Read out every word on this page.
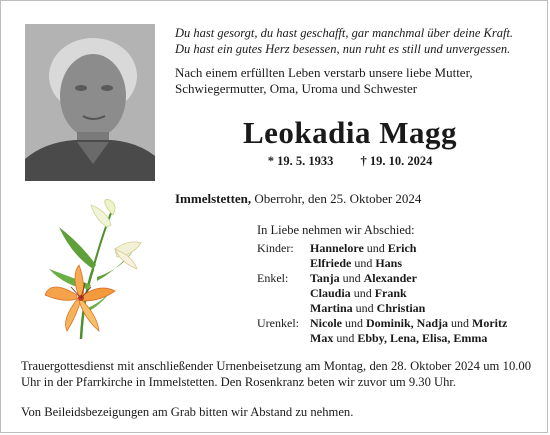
Du hast gesorgt, du hast geschafft, gar manchmal über deine Kraft.
Du hast ein gutes Herz besessen, nun ruht es still und unvergessen.
Nach einem erfüllten Leben verstarb unsere liebe Mutter,
Schwiegermutter, Oma, Uroma und Schwester
Leokadia Magg
* 19. 5. 1933 † 19. 10. 2024
Immelstetten, Oberrohr, den 25. Oktober 2024
In Liebe nehmen wir Abschied:
Kinder:	Hannelore und Erich
Elfriede und Hans
Enkel:	Tanja und Alexander
Claudia und Frank
Martina und Christian
Urenkel: Nicole und Dominik, Nadja und Moritz
Max und Ebby, Lena, Elisa, Emma
Trauergottesdienst mit anschließender Urnenbeisetzung am Montag, den 28. Oktober 2024 um 10.00 Uhr in der Pfarrkirche in Immelstetten. Den Rosenkranz beten wir zuvor um 9.30 Uhr.
Von Beileidsbezeigungen am Grab bitten wir Abstand zu nehmen.
